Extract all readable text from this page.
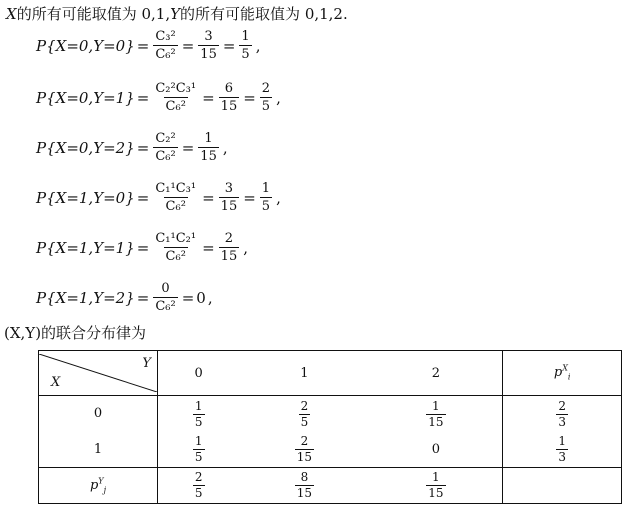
X的所有可能取值为 0,1,Y的所有可能取值为 0,1,2.
$P\{X=0,Y=0\} = \frac{\text{C₃²}}{\text{C₆²}} = \frac{3}{15} = \frac{1}{5}$ ,
$P\{X=0,Y=1\} = \frac{\text{C₂²C₃¹}}{\text{C₆²}} = \frac{6}{15} = \frac{2}{5}$ ,
$P\{X=0,Y=2\} = \frac{\text{C₂²}}{\text{C₆²}} = \frac{1}{15}$ ,
$P\{X=1,Y=0\} = \frac{\text{C₁¹C₃¹}}{\text{C₆²}} = \frac{3}{15} = \frac{1}{5}$ ,
$P\{X=1,Y=1\} = \frac{\text{C₁¹C₂¹}}{\text{C₆²}} = \frac{2}{15}$ ,
$P\{X=1,Y=2\} = \frac{0}{\text{C₆²}} = 0$ ,
(X,Y)的联合分布律为
Y
X	0	1	2	$p^X_i$
0	$\frac{1}{5}$	$\frac{2}{5}$	$\frac{1}{15}$	$\frac{2}{3}$

1	$\frac{1}{5}$	$\frac{2}{15}$	0	$\frac{1}{3}$

$p^Y_j$	$\frac{2}{5}$	$\frac{8}{15}$	$\frac{1}{15}$
